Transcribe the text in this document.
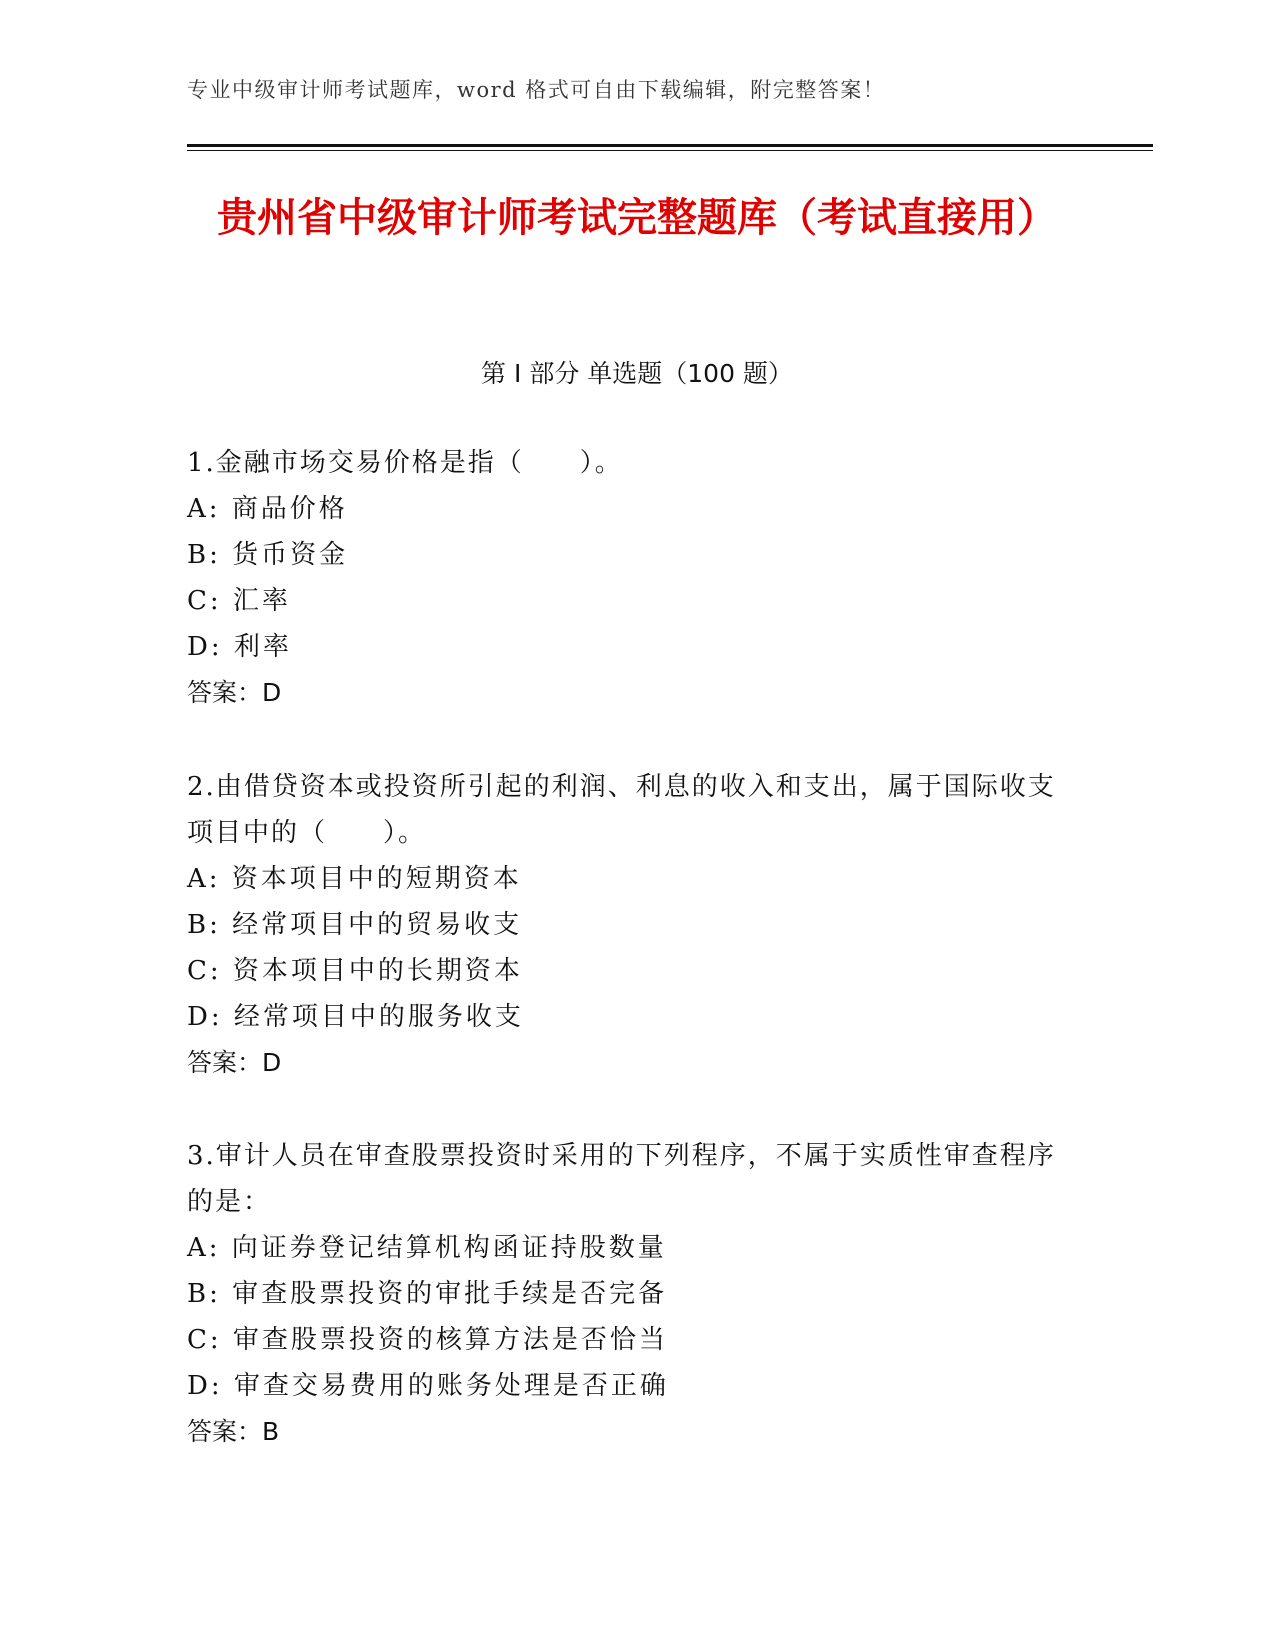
专业中级审计师考试题库，word 格式可自由下载编辑，附完整答案！
贵州省中级审计师考试完整题库（考试直接用）
第 I 部分 单选题（100 题）

1.金融市场交易价格是指（　　）。

A: 商品价格

B: 货币资金

C: 汇率

D: 利率

答案：D

2.由借贷资本或投资所引起的利润、利息的收入和支出，属于国际收支项目中的（　　）。

A: 资本项目中的短期资本

B: 经常项目中的贸易收支

C: 资本项目中的长期资本

D: 经常项目中的服务收支

答案：D

3.审计人员在审查股票投资时采用的下列程序，不属于实质性审查程序的是：

A: 向证券登记结算机构函证持股数量

B: 审查股票投资的审批手续是否完备

C: 审查股票投资的核算方法是否恰当

D: 审查交易费用的账务处理是否正确

答案：B
